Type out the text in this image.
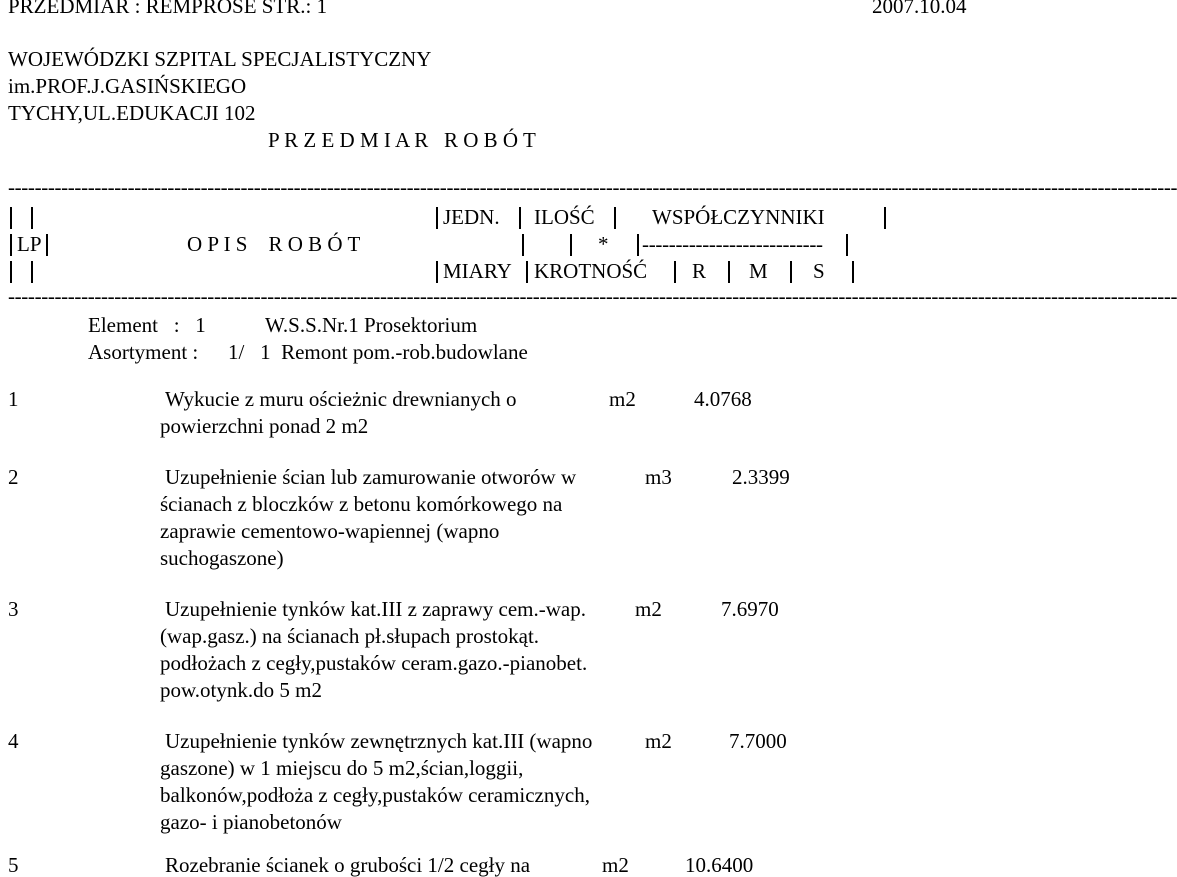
PRZEDMIAR : REMPROSE STR.: 1	2007.10.04
WOJEWÓDZKI SZPITAL SPECJALISTYCZNY
im.PROF.J.GASIŃSKIEGO
TYCHY,UL.EDUKACJI 102
P R Z E D M I A R   R O B Ó T
--------------------------------------------------------------------------------------------------------------------------------------------------------------------------------
JEDN. ILOŚĆ	WSPÓŁCZYNNIKI
LP	O P I S    R O B Ó T	* ---------------------------
MIARY KROTNOŚĆ R M S
--------------------------------------------------------------------------------------------------------------------------------------------------------------------------------
Element   :   1	W.S.S.Nr.1 Prosektorium
Asortyment : 1/   1  Remont pom.-rob.budowlane
1	Wykucie z muru ościeżnic drewnianych o	m2	4.0768
powierzchni ponad 2 m2
2	Uzupełnienie ścian lub zamurowanie otworów w	m3	2.3399
ścianach z bloczków z betonu komórkowego na
zaprawie cementowo-wapiennej (wapno
suchogaszone)
3	Uzupełnienie tynków kat.III z zaprawy cem.-wap. m2	7.6970
(wap.gasz.) na ścianach pł.słupach prostokąt.
podłożach z cegły,pustaków ceram.gazo.-pianobet.
pow.otynk.do 5 m2
4	Uzupełnienie tynków zewnętrznych kat.III (wapno	m2	7.7000
gaszone) w 1 miejscu do 5 m2,ścian,loggii,
balkonów,podłoża z cegły,pustaków ceramicznych,
gazo- i pianobetonów
5	Rozebranie ścianek o grubości 1/2 cegły na	m2	10.6400
